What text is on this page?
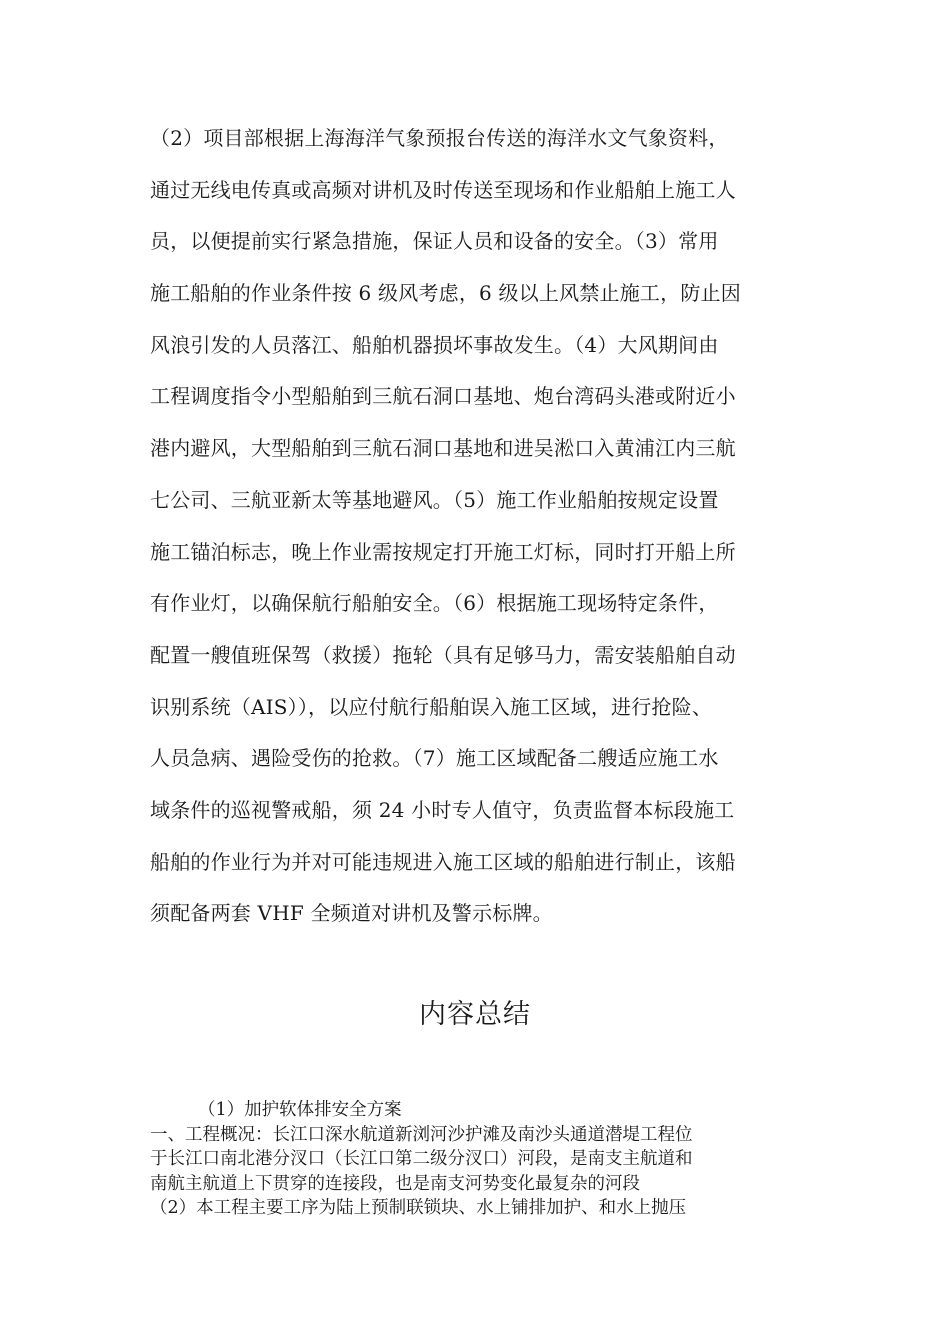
（2）项目部根据上海海洋气象预报台传送的海洋水文气象资料，
通过无线电传真或高频对讲机及时传送至现场和作业船舶上施工人
员，以便提前实行紧急措施，保证人员和设备的安全。（3）常用
施工船舶的作业条件按 6 级风考虑，6 级以上风禁止施工，防止因
风浪引发的人员落江、船舶机器损坏事故发生。（4）大风期间由
工程调度指令小型船舶到三航石洞口基地、炮台湾码头港或附近小
港内避风，大型船舶到三航石洞口基地和进吴淞口入黄浦江内三航
七公司、三航亚新太等基地避风。（5）施工作业船舶按规定设置
施工锚泊标志，晚上作业需按规定打开施工灯标，同时打开船上所
有作业灯，以确保航行船舶安全。（6）根据施工现场特定条件，
配置一艘值班保驾（救援）拖轮（具有足够马力，需安装船舶自动
识别系统（AIS）），以应付航行船舶误入施工区域，进行抢险、
人员急病、遇险受伤的抢救。（7）施工区域配备二艘适应施工水
域条件的巡视警戒船，须 24 小时专人值守，负责监督本标段施工
船舶的作业行为并对可能违规进入施工区域的船舶进行制止，该船
须配备两套 VHF 全频道对讲机及警示标牌。
内容总结
（1）加护软体排安全方案
一、工程概况：长江口深水航道新浏河沙护滩及南沙头通道潜堤工程位
于长江口南北港分汊口（长江口第二级分汊口）河段，是南支主航道和
南航主航道上下贯穿的连接段，也是南支河势变化最复杂的河段
（2）本工程主要工序为陆上预制联锁块、水上铺排加护、和水上抛压
